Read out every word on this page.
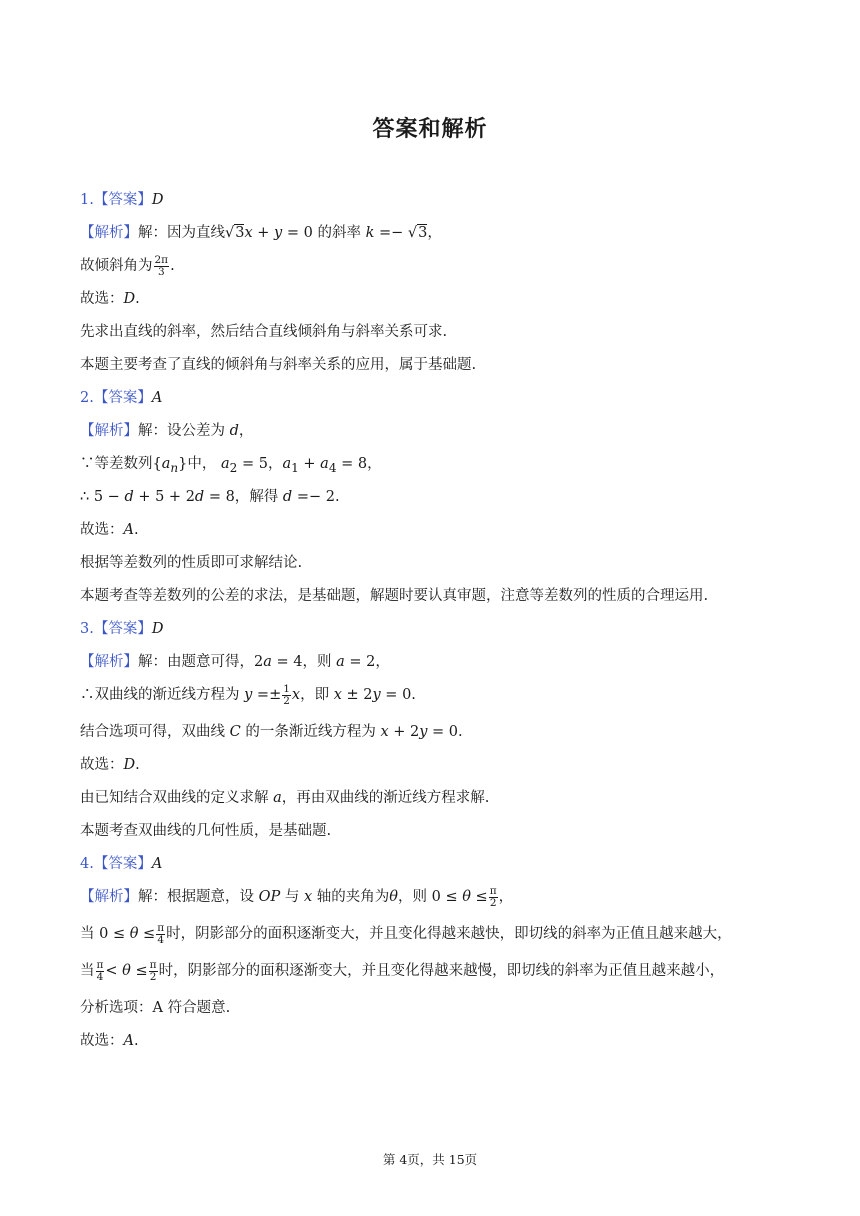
答案和解析
1.【答案】D
【解析】解：因为直线√3x + y = 0 的斜率 k =− √3，
故倾斜角为 $\frac{2\pi}{3}$ .
故选：D.
先求出直线的斜率，然后结合直线倾斜角与斜率关系可求.
本题主要考查了直线的倾斜角与斜率关系的应用，属于基础题.
2.【答案】A
【解析】解：设公差为 d，
∵等差数列$\{a_n\}$中， $a_2 = 5$，$a_1 + a_4 = 8$，
∴ 5 − d + 5 + 2d = 8，解得 d =− 2.
故选：A.
根据等差数列的性质即可求解结论.
本题考查等差数列的公差的求法，是基础题，解题时要认真审题，注意等差数列的性质的合理运用.
3.【答案】D
【解析】解：由题意可得，2a = 4，则 a = 2，
∴双曲线的渐近线方程为 $y =\pm \frac{1}{2}$ x，即 x ± 2y = 0.
结合选项可得，双曲线 C 的一条渐近线方程为 x + 2y = 0.
故选：D.
由已知结合双曲线的定义求解 a，再由双曲线的渐近线方程求解.
本题考查双曲线的几何性质，是基础题.
4.【答案】A
【解析】解：根据题意，设 OP 与 x 轴的夹角为θ，则 $0 \le \theta \le \frac{\pi}{2}$ ，
当 $0 \le \theta \le \frac{\pi}{4}$ 时，阴影部分的面积逐渐变大，并且变化得越来越快，即切线的斜率为正值且越来越大，
当 $\frac{\pi}{4} < \theta \le \frac{\pi}{2}$ 时，阴影部分的面积逐渐变大，并且变化得越来越慢，即切线的斜率为正值且越来越小，
分析选项：A 符合题意.
故选：A.
第 4页，共 15页
